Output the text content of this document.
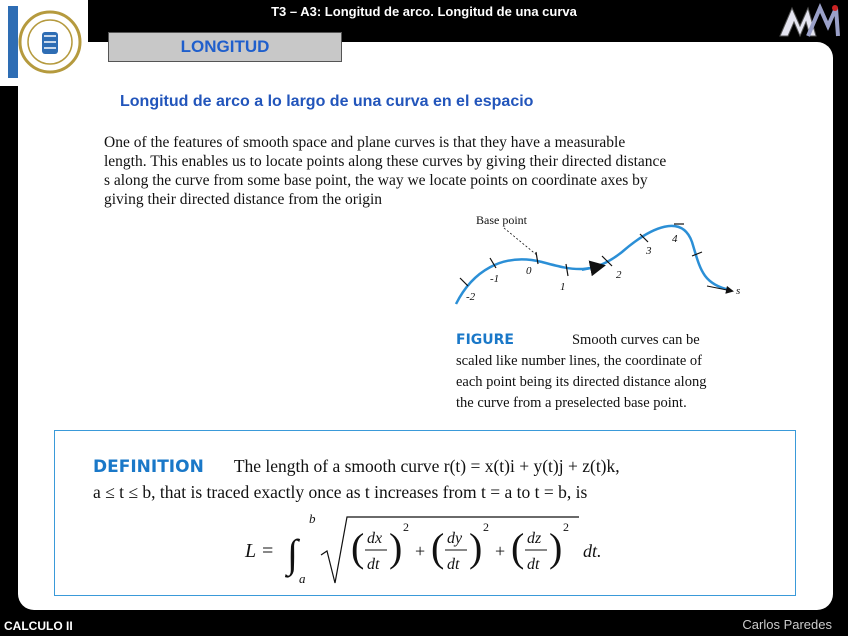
T3 – A3: Longitud de arco. Longitud de una curva
LONGITUD
Longitud de arco a lo largo de una curva en el espacio
One of the features of smooth space and plane curves is that they have a measurable
length. This enables us to locate points along these curves by giving their directed distance
s along the curve from some base point, the way we locate points on coordinate axes by
giving their directed distance from the origin
Base point
-2
-1
0
1
2
3
4
s
FIGURE	Smooth curves can be
scaled like number lines, the coordinate of
each point being its directed distance along
the curve from a preselected base point.
DEFINITION The length of a smooth curve r(t) = x(t)i + y(t)j + z(t)k,
a ≤ t ≤ b, that is traced exactly once as t increases from t = a to t = b, is
L = ∫
b
a
( dx
dt ) 2
+ ( dy
dt ) 2
+ ( dz
dt ) 2
dt.
CALCULO II	Carlos Paredes
